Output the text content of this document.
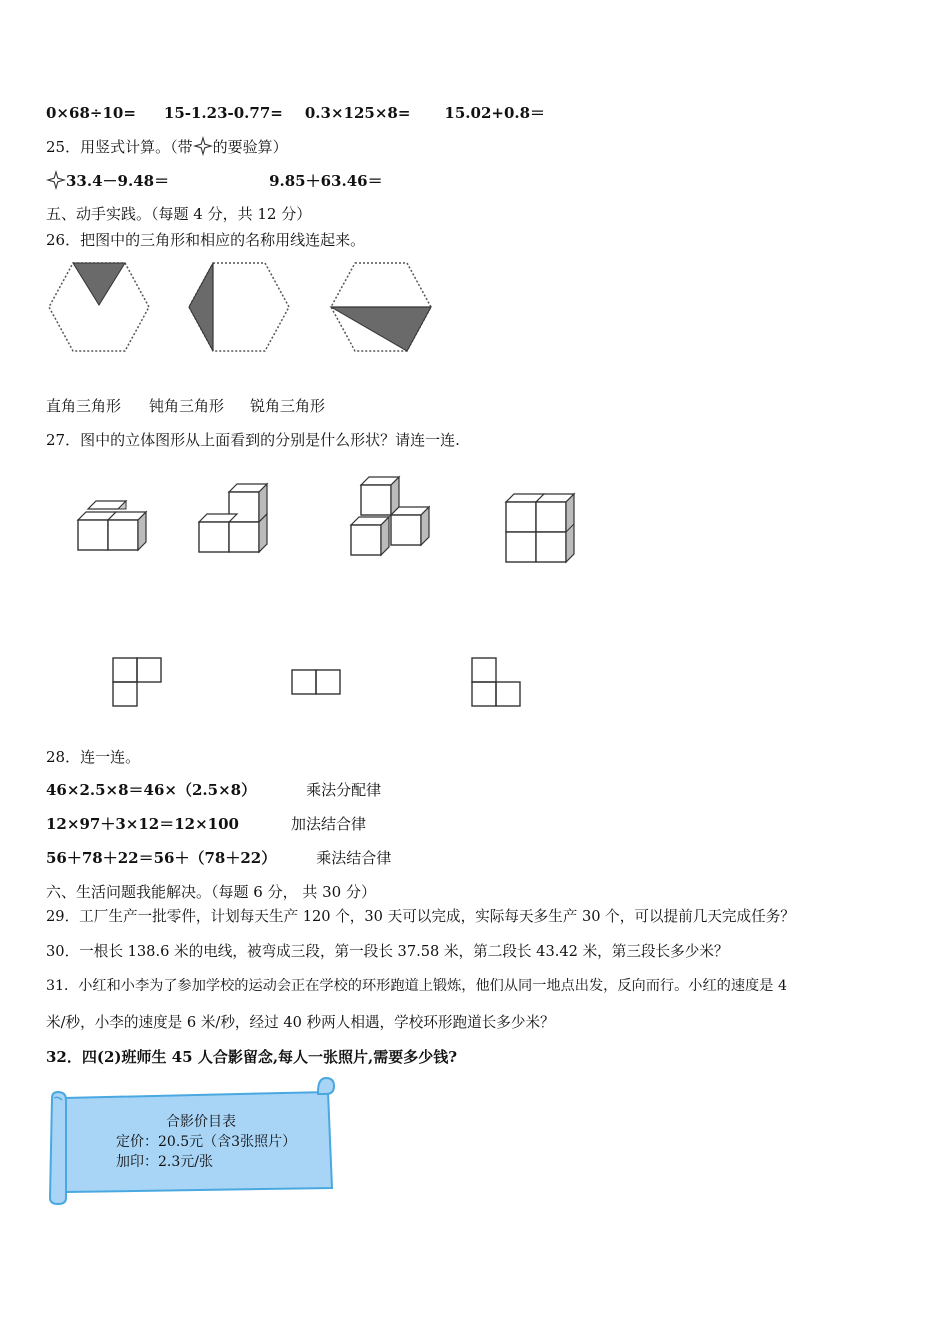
0×68÷10= 15-1.23-0.77= 0.3×125×8= 15.02+0.8＝
25．用竖式计算。（带 的要验算）
33.4－9.48＝	9.85＋63.46＝
五、动手实践。（每题 4 分，共 12 分）
26．把图中的三角形和相应的名称用线连起来。
直角三角形 钝角三角形 锐角三角形
27．图中的立体图形从上面看到的分别是什么形状？请连一连.
28．连一连。
46×2.5×8＝46×（2.5×8）	乘法分配律
12×97＋3×12＝12×100	加法结合律
56＋78＋22＝56＋（78＋22）	乘法结合律
六、生活问题我能解决。（每题 6 分， 共 30 分）
29．工厂生产一批零件，计划每天生产 120 个，30 天可以完成，实际每天多生产 30 个，可以提前几天完成任务？
30．一根长 138.6 米的电线，被弯成三段，第一段长 37.58 米，第二段长 43.42 米，第三段长多少米？
31．小红和小李为了参加学校的运动会正在学校的环形跑道上锻炼，他们从同一地点出发，反向而行。小红的速度是 4
米/秒，小李的速度是 6 米/秒，经过 40 秒两人相遇，学校环形跑道长多少米？
32．四(2)班师生 45 人合影留念,每人一张照片,需要多少钱?
合影价目表
定价：20.5元（含3张照片）
加印：2.3元/张
